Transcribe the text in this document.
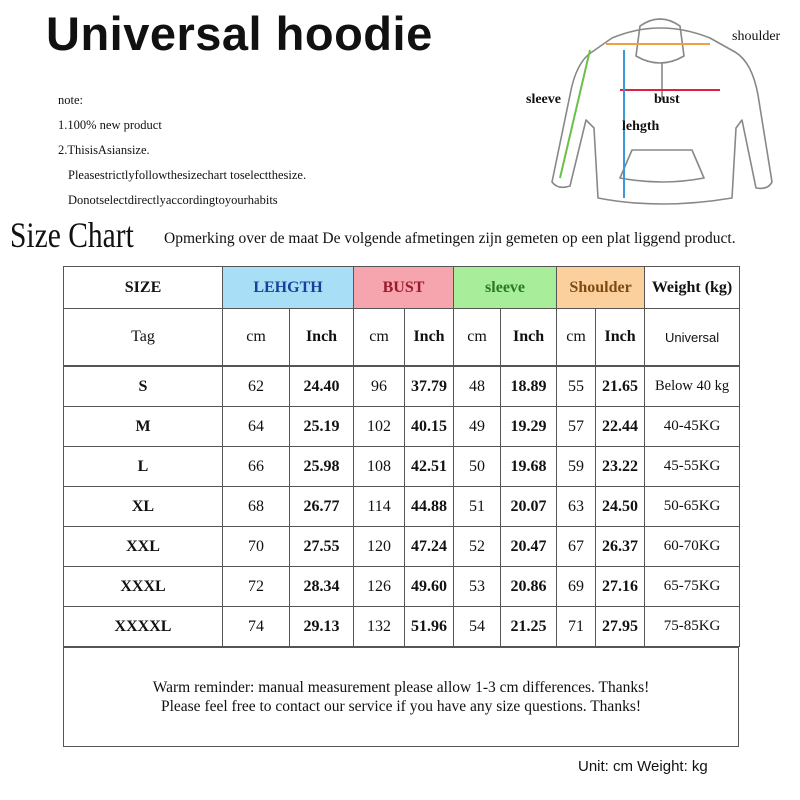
Universal hoodie
note:
1.100% new product
2.ThisisAsiansize.
Pleasestrictlyfollowthesizechart toselectthesize.
Donotselectdirectlyaccordingtoyourhabits
shoulder
sleeve	bust
lehgth
Size Chart Opmerking over de maat De volgende afmetingen zijn gemeten op een plat liggend product.
SIZE	LEHGTH		BUST		sleeve		Shoulder		Weight (kg)
Tag	cm	Inch	cm	Inch	cm	Inch	cm	Inch	Universal
S	62	24.40	96	37.79	48	18.89	55	21.65	Below 40 kg
M	64	25.19	102	40.15	49	19.29	57	22.44	40-45KG
L	66	25.98	108	42.51	50	19.68	59	23.22	45-55KG
XL	68	26.77	114	44.88	51	20.07	63	24.50	50-65KG
XXL	70	27.55	120	47.24	52	20.47	67	26.37	60-70KG
XXXL	72	28.34	126	49.60	53	20.86	69	27.16	65-75KG
XXXXL	74	29.13	132	51.96	54	21.25	71	27.95	75-85KG
Warm reminder: manual measurement please allow 1-3 cm differences. Thanks!
Please feel free to contact our service if you have any size questions. Thanks!
Unit: cm Weight: kg
